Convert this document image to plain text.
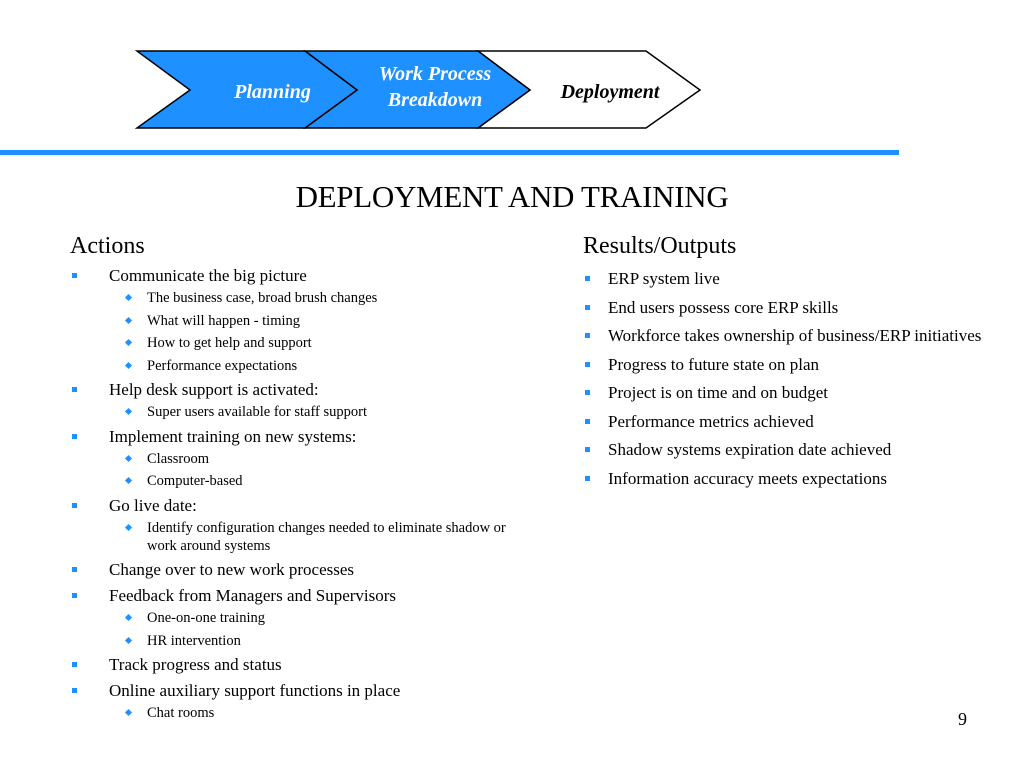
Planning
Work Process
Breakdown	Deployment
DEPLOYMENT AND TRAINING
Actions	Results/Outputs
Communicate the big picture
The business case, broad brush changes
What will happen - timing
How to get help and support
Performance expectations
Help desk support is activated:
Super users available for staff support
Implement training on new systems:
Classroom
Computer-based
Go live date:
Identify configuration changes needed to eliminate shadow or work around systems
Change over to new work processes
Feedback from Managers and Supervisors
One-on-one training
HR intervention
Track progress and status
Online auxiliary support functions in place
Chat rooms
ERP system live
End users possess core ERP skills
Workforce takes ownership of business/ERP initiatives
Progress to future state on plan
Project is on time and on budget
Performance metrics achieved
Shadow systems expiration date achieved
Information accuracy meets expectations
9
